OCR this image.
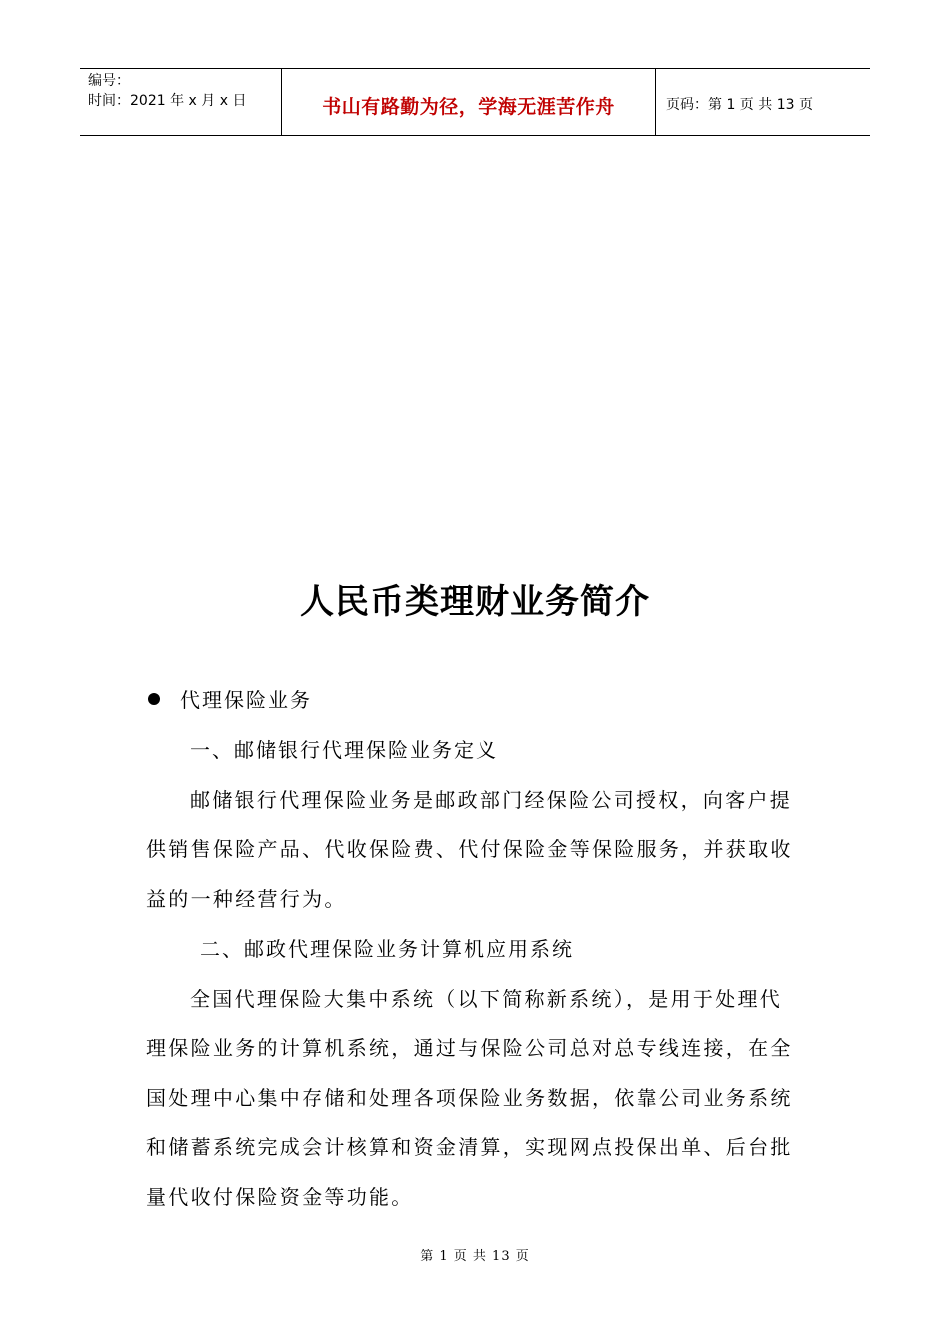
编号：
时间：2021 年 x 月 x 日	书山有路勤为径，学海无涯苦作舟	页码：第 1 页 共 13 页
人民币类理财业务简介
代理保险业务
一、邮储银行代理保险业务定义
邮储银行代理保险业务是邮政部门经保险公司授权，向客户提
供销售保险产品、代收保险费、代付保险金等保险服务，并获取收
益的一种经营行为。
二、邮政代理保险业务计算机应用系统
全国代理保险大集中系统（以下简称新系统），是用于处理代
理保险业务的计算机系统，通过与保险公司总对总专线连接，在全
国处理中心集中存储和处理各项保险业务数据，依靠公司业务系统
和储蓄系统完成会计核算和资金清算，实现网点投保出单、后台批
量代收付保险资金等功能。
第 1 页 共 13 页
